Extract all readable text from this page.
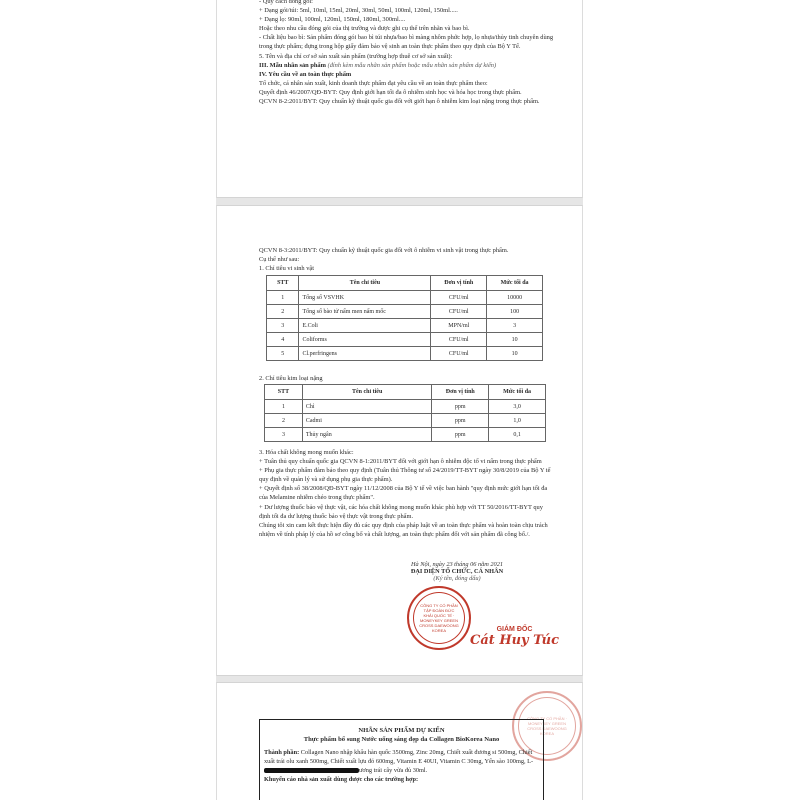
- Quy cách đóng gói:

+ Dạng gói/túi: 5ml, 10ml, 15ml, 20ml, 30ml, 50ml, 100ml, 120ml, 150ml.....

+ Dạng lọ: 90ml, 100ml, 120ml, 150ml, 180ml, 300ml....

Hoặc theo nhu cầu đóng gói của thị trường và được ghi cụ thể trên nhãn và bao bì.

- Chất liệu bao bì: Sản phẩm đóng gói bao bì túi nhựa/bao bì màng nhôm phức hợp, lọ nhựa/thủy tinh chuyên dùng trong thực phẩm; đựng trong hộp giấy đảm bảo vệ sinh an toàn thực phẩm theo quy định của Bộ Y Tế.

5. Tên và địa chỉ cơ sở sản xuất sản phẩm (trường hợp thuê cơ sở sản xuất):

III. Mẫu nhãn sản phẩm (đính kèm mẫu nhãn sản phẩm hoặc mẫu nhãn sản phẩm dự kiến)

IV. Yêu cầu về an toàn thực phẩm

Tổ chức, cá nhân sản xuất, kinh doanh thực phẩm đạt yêu cầu về an toàn thực phẩm theo:

Quyết định 46/2007/QĐ-BYT: Quy định giới hạn tối đa ô nhiễm sinh học và hóa học trong thực phẩm.

QCVN 8-2:2011/BYT: Quy chuẩn kỹ thuật quốc gia đối với giới hạn ô nhiễm kim loại nặng trong thực phẩm.

QCVN 8-3:2011/BYT: Quy chuẩn kỹ thuật quốc gia đối với ô nhiễm vi sinh vật trong thực phẩm.

Cụ thể như sau:

1. Chỉ tiêu vi sinh vật

STT	Tên chỉ tiêu	Đơn vị tính	Mức tối đa
1	Tổng số VSVHK	CFU/ml	10000
2	Tổng số bào tử nấm men nấm mốc	CFU/ml	100
3	E.Coli	MPN/ml	3
4	Coliforms	CFU/ml	10
5	Cl.perfringens	CFU/ml	10

2. Chỉ tiêu kim loại nặng

STT	Tên chỉ tiêu	Đơn vị tính	Mức tối đa
1	Chì	ppm	3,0
2	Cadmi	ppm	1,0
3	Thủy ngân	ppm	0,1

3. Hóa chất không mong muốn khác:

+ Tuân thủ quy chuẩn quốc gia QCVN 8-1:2011/BYT đối với giới hạn ô nhiễm độc tố vi nấm trong thực phẩm

+ Phụ gia thực phẩm đảm bảo theo quy định (Tuân thủ Thông tư số 24/2019/TT-BYT ngày 30/8/2019 của Bộ Y tế quy định về quản lý và sử dụng phụ gia thực phẩm).

+ Quyết định số 38/2008/QĐ-BYT ngày 11/12/2008 của Bộ Y tế về việc ban hành "quy định mức giới hạn tối đa của Melamine nhiễm chéo trong thực phẩm".

+ Dư lượng thuốc bảo vệ thực vật, các hóa chất không mong muốn khác phù hợp với TT 50/2016/TT-BYT quy định tối đa dư lượng thuốc bảo vệ thực vật trong thực phẩm.

Chúng tôi xin cam kết thực hiện đầy đủ các quy định của pháp luật về an toàn thực phẩm và hoàn toàn chịu trách nhiệm về tính pháp lý của hồ sơ công bố và chất lượng, an toàn thực phẩm đối với sản phẩm đã công bố./.

Hà Nội, ngày 23 tháng 06 năm 2021
ĐẠI DIỆN TỔ CHỨC, CÁ NHÂN
(Ký tên, đóng dấu)
CÔNG TY CỔ PHẦN TẬP ĐOÀN ĐỨC KHẢI QUỐC TẾ · MONEYKEY GREEN CROSS DAEWOONG KOREA	GIÁM ĐỐC
Cát Huy Túc
CÔNG TY CỔ PHẦN · MONEYKEY GREEN CROSS DAEWOONG KOREA
NHÃN SẢN PHẨM DỰ KIẾN
Thực phẩm bổ sung Nước uống sáng đẹp da Collagen BioKorea Nano
Thành phần: Collagen Nano nhập khẩu hàn quốc 3500mg, Zinc 20mg, Chiết xuất đương si 500mg, Chiết xuất trái olu xanh 500mg, Chiết xuất lựu đỏ 600mg, Vitamin E 40UI, Vitamin C 30mg, Yến sào 100mg, L-ương trái cây vừa đủ 30ml.
Khuyến cáo nhà sản xuất dùng được cho các trường hợp:
